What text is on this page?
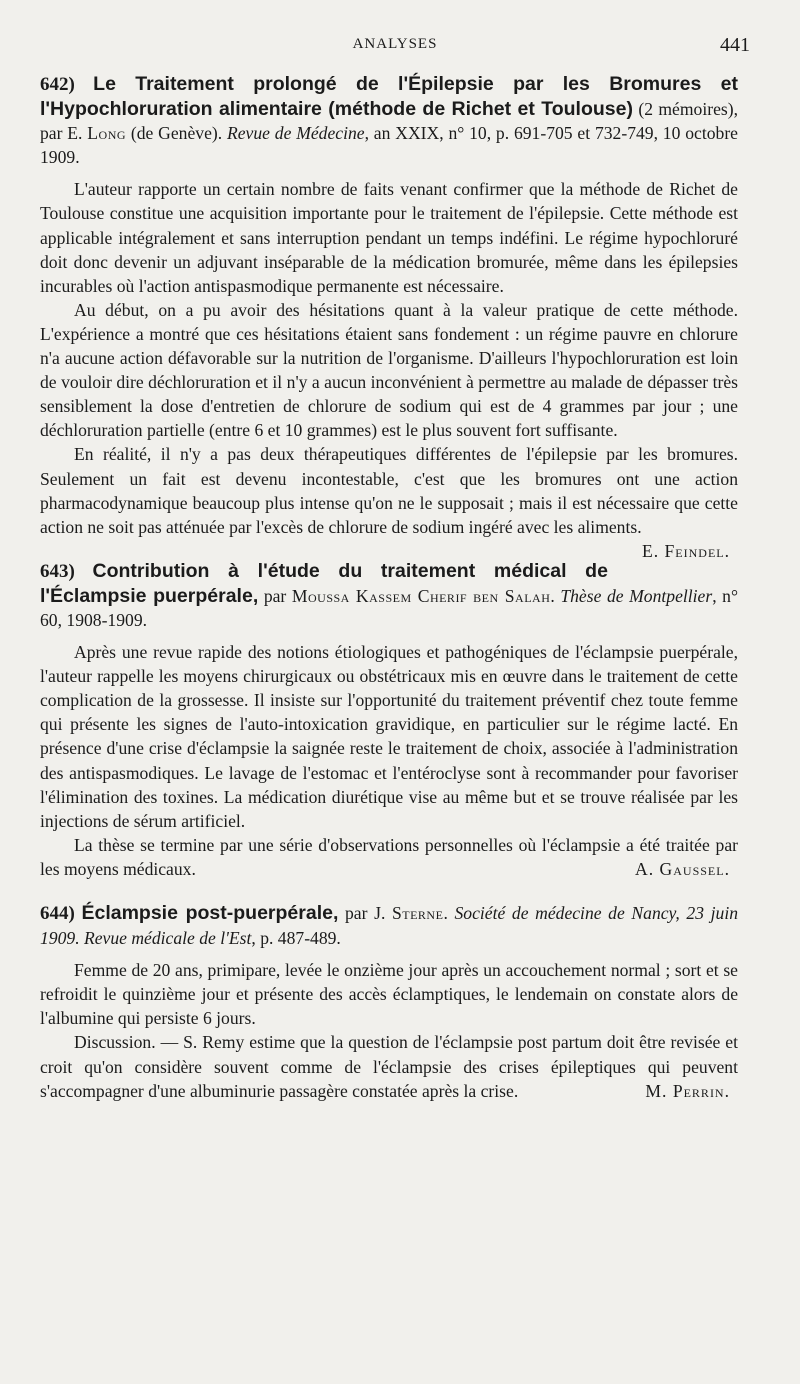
ANALYSES	441

642) Le Traitement prolongé de l'Épilepsie par les Bromures et l'Hypochloruration alimentaire (méthode de Richet et Toulouse) (2 mémoires), par E. Long (de Genève). Revue de Médecine, an XXIX, n° 10, p. 691-705 et 732-749, 10 octobre 1909.

L'auteur rapporte un certain nombre de faits venant confirmer que la méthode de Richet de Toulouse constitue une acquisition importante pour le traitement de l'épilepsie. Cette méthode est applicable intégralement et sans interruption pendant un temps indéfini. Le régime hypochloruré doit donc devenir un adjuvant inséparable de la médication bromurée, même dans les épilepsies incurables où l'action antispasmodique permanente est nécessaire.

Au début, on a pu avoir des hésitations quant à la valeur pratique de cette méthode. L'expérience a montré que ces hésitations étaient sans fondement : un régime pauvre en chlorure n'a aucune action défavorable sur la nutrition de l'organisme. D'ailleurs l'hypochloruration est loin de vouloir dire déchloruration et il n'y a aucun inconvénient à permettre au malade de dépasser très sensiblement la dose d'entretien de chlorure de sodium qui est de 4 grammes par jour ; une déchloruration partielle (entre 6 et 10 grammes) est le plus souvent fort suffisante.

En réalité, il n'y a pas deux thérapeutiques différentes de l'épilepsie par les bromures. Seulement un fait est devenu incontestable, c'est que les bromures ont une action pharmacodynamique beaucoup plus intense qu'on ne le supposait ; mais il est nécessaire que cette action ne soit pas atténuée par l'excès de chlorure de sodium ingéré avec les aliments.
E. Feindel.

643) Contribution à l'étude du traitement médical de l'Éclampsie puerpérale, par Moussa Kassem Cherif ben Salah. Thèse de Montpellier, n° 60, 1908-1909.

Après une revue rapide des notions étiologiques et pathogéniques de l'éclampsie puerpérale, l'auteur rappelle les moyens chirurgicaux ou obstétricaux mis en œuvre dans le traitement de cette complication de la grossesse. Il insiste sur l'opportunité du traitement préventif chez toute femme qui présente les signes de l'auto-intoxication gravidique, en particulier sur le régime lacté. En présence d'une crise d'éclampsie la saignée reste le traitement de choix, associée à l'administration des antispasmodiques. Le lavage de l'estomac et l'entéroclyse sont à recommander pour favoriser l'élimination des toxines. La médication diurétique vise au même but et se trouve réalisée par les injections de sérum artificiel.

La thèse se termine par une série d'observations personnelles où l'éclampsie a été traitée par les moyens médicaux.	A. Gaussel.

644) Éclampsie post-puerpérale, par J. Sterne. Société de médecine de Nancy, 23 juin 1909. Revue médicale de l'Est, p. 487-489.

Femme de 20 ans, primipare, levée le onzième jour après un accouchement normal ; sort et se refroidit le quinzième jour et présente des accès éclamptiques, le lendemain on constate alors de l'albumine qui persiste 6 jours.

Discussion. — S. Remy estime que la question de l'éclampsie post partum doit être revisée et croit qu'on considère souvent comme de l'éclampsie des crises épileptiques qui peuvent s'accompagner d'une albuminurie passagère constatée après la crise.	M. Perrin.
